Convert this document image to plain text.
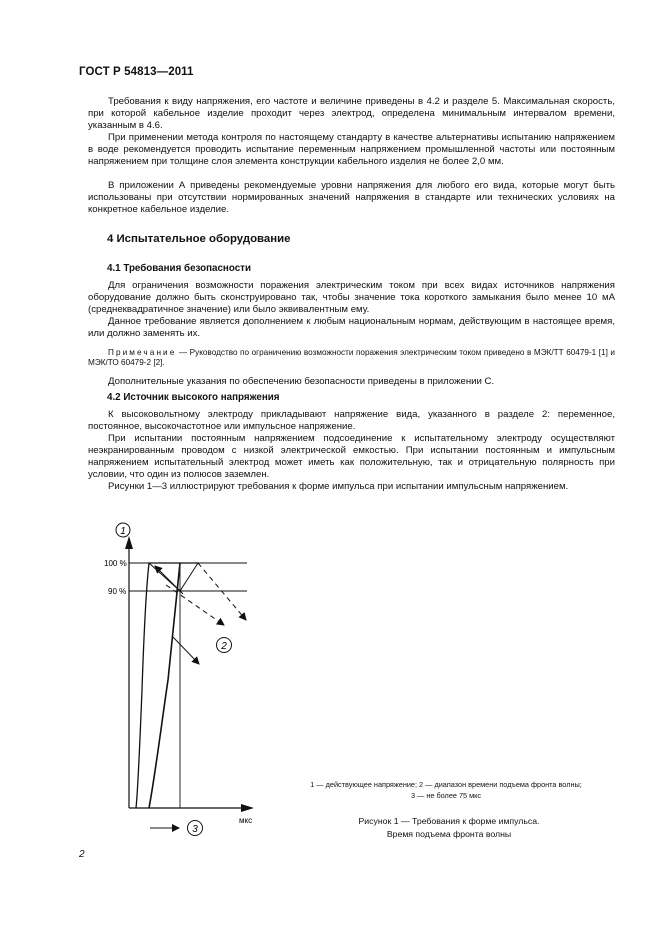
ГОСТ Р 54813—2011

Требования к виду напряжения, его частоте и величине приведены в 4.2 и разделе 5. Максимальная скорость, при которой кабельное изделие проходит через электрод, определена минимальным интервалом времени, указанным в 4.6.

При применении метода контроля по настоящему стандарту в качестве альтернативы испытанию напряжением в воде рекомендуется проводить испытание переменным напряжением промышленной частоты или постоянным напряжением при толщине слоя элемента конструкции кабельного изделия не более 2,0 мм.

В приложении А приведены рекомендуемые уровни напряжения для любого его вида, которые могут быть использованы при отсутствии нормированных значений напряжения в стандарте или технических условиях на конкретное кабельное изделие.

4 Испытательное оборудование
4.1 Требования безопасности

Для ограничения возможности поражения электрическим током при всех видах источников напряжения оборудование должно быть сконструировано так, чтобы значение тока короткого замыкания было менее 10 мА (среднеквадратичное значение) или было эквивалентным ему.

Данное требование является дополнением к любым национальным нормам, действующим в настоящее время, или должно заменять их.

Примечание — Руководство по ограничению возможности поражения электрическим током приведено в МЭК/ТТ 60479-1 [1] и МЭК/ТО 60479-2 [2].

Дополнительные указания по обеспечению безопасности приведены в приложении С.

4.2 Источник высокого напряжения

К высоковольтному электроду прикладывают напряжение вида, указанного в разделе 2: переменное, постоянное, высокочастотное или импульсное напряжение.

При испытании постоянным напряжением подсоединение к испытательному электроду осуществляют неэкранированным проводом с низкой электрической емкостью. При испытании постоянным и импульсным напряжением испытательный электрод может иметь как положительную, так и отрицательную полярность при условии, что один из полюсов заземлен.

Рисунки 1—3 иллюстрируют требования к форме импульса при испытании импульсным напряжением.

1
100 %
90 %
2
мкс
3

1 — действующее напряжение; 2 — диапазон времени подъема фронта волны;
3 — не более 75 мкс

Рисунок 1 — Требования к форме импульса.
Время подъема фронта волны

2
